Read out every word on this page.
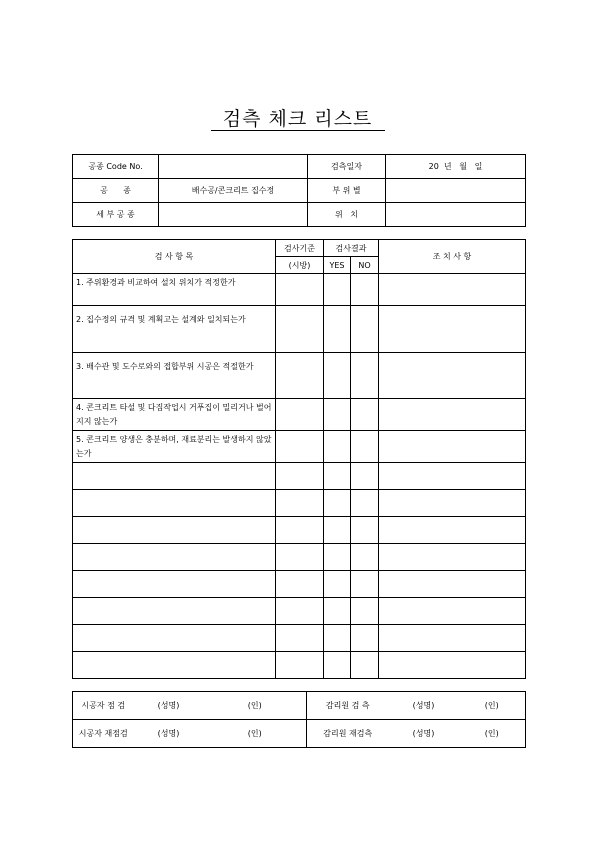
검측 체크 리스트
공종 Code No.		검측일자	20  년   월   일
공      종	배수공/콘크리트 집수정	부 위 별	
세 부 공 종		위   치	
검 사 항 목	검사기준	검사결과		조 치 사 항
	(시방)	YES	NO	
1. 주위환경과 비교하여 설치 위치가 적정한가				
2. 집수정의 규격 및 계획고는 설계와 일치되는가				
3. 배수관 및 도수로와의 접합부위 시공은 적절한가				
4. 콘크리트 타설 및 다짐작업시 거푸집이 밀리거나 벌어지지 않는가				
5. 콘크리트 양생은 충분하며, 재료분리는 발생하지 않았는가				

시공자 점 검	(성명)	(인)	감리원 검 측	(성명)	(인)
시공자 재점검	(성명)	(인)	감리원 재검측	(성명)	(인)
